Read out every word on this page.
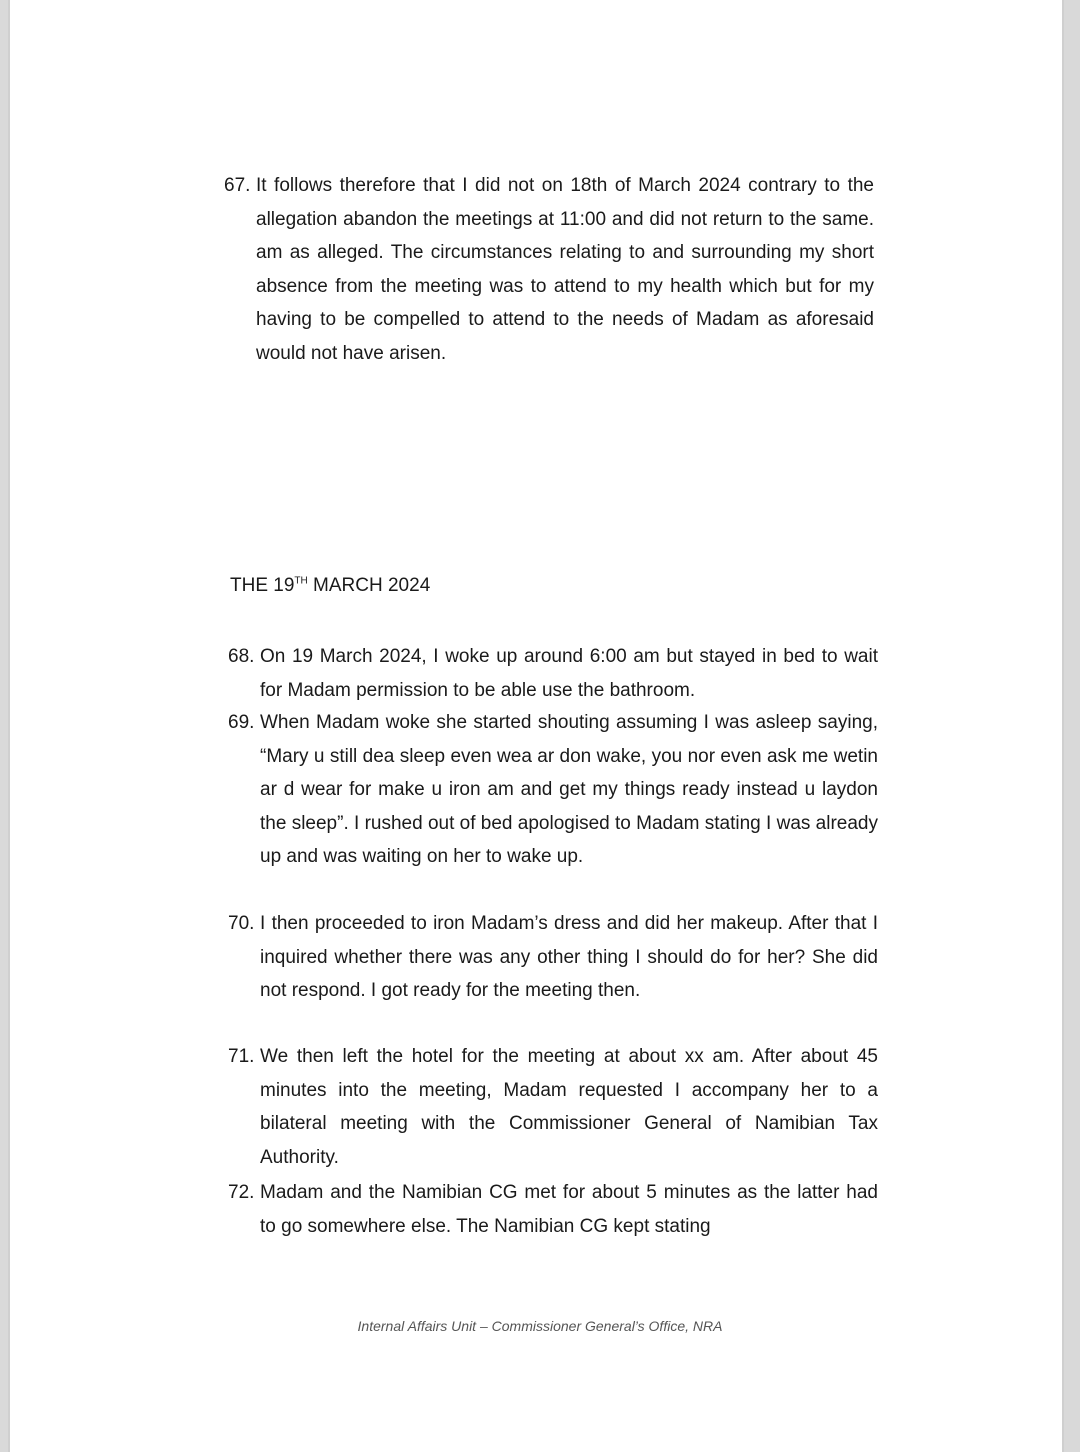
67. It follows therefore that I did not on 18th of March 2024 contrary to the allegation abandon the meetings at 11:00 and did not return to the same. am as alleged. The circumstances relating to and surrounding my short absence from the meeting was to attend to my health which but for my having to be compelled to attend to the needs of Madam as aforesaid would not have arisen.
THE 19TH MARCH 2024
68. On 19 March 2024, I woke up around 6:00 am but stayed in bed to wait for Madam permission to be able use the bathroom.
69. When Madam woke she started shouting assuming I was asleep saying, “Mary u still dea sleep even wea ar don wake, you nor even ask me wetin ar d wear for make u iron am and get my things ready instead u laydon the sleep”. I rushed out of bed apologised to Madam stating I was already up and was waiting on her to wake up.
70. I then proceeded to iron Madam’s dress and did her makeup. After that I inquired whether there was any other thing I should do for her? She did not respond. I got ready for the meeting then.
71. We then left the hotel for the meeting at about xx am. After about 45 minutes into the meeting, Madam requested I accompany her to a bilateral meeting with the Commissioner General of Namibian Tax Authority.
72. Madam and the Namibian CG met for about 5 minutes as the latter had to go somewhere else. The Namibian CG kept stating
Internal Affairs Unit – Commissioner General’s Office, NRA
